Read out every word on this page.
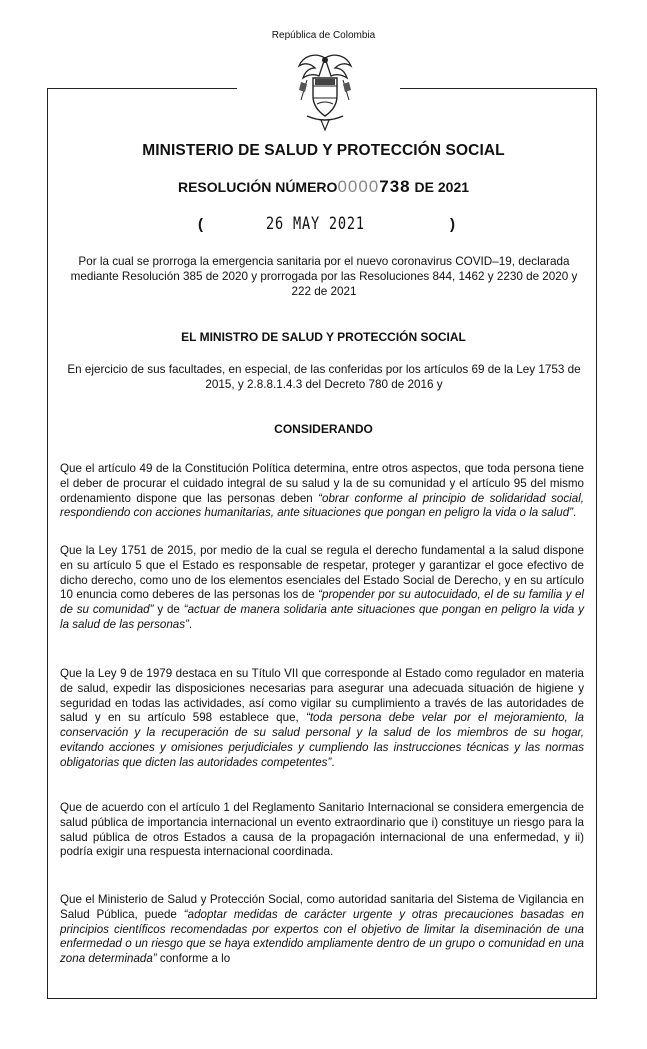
República de Colombia
MINISTERIO DE SALUD Y PROTECCIÓN SOCIAL
RESOLUCIÓN NÚMERO0000738 DE 2021
(	26 MAY 2021	)
Por la cual se prorroga la emergencia sanitaria por el nuevo coronavirus COVID–19, declarada mediante Resolución 385 de 2020 y prorrogada por las Resoluciones 844, 1462 y 2230 de 2020 y 222 de 2021
EL MINISTRO DE SALUD Y PROTECCIÓN SOCIAL
En ejercicio de sus facultades, en especial, de las conferidas por los artículos 69 de la Ley 1753 de 2015, y 2.8.8.1.4.3 del Decreto 780 de 2016 y
CONSIDERANDO

Que el artículo 49 de la Constitución Política determina, entre otros aspectos, que toda persona tiene el deber de procurar el cuidado integral de su salud y la de su comunidad y el artículo 95 del mismo ordenamiento dispone que las personas deben “obrar conforme al principio de solidaridad social, respondiendo con acciones humanitarias, ante situaciones que pongan en peligro la vida o la salud”.

Que la Ley 1751 de 2015, por medio de la cual se regula el derecho fundamental a la salud dispone en su artículo 5 que el Estado es responsable de respetar, proteger y garantizar el goce efectivo de dicho derecho, como uno de los elementos esenciales del Estado Social de Derecho, y en su artículo 10 enuncia como deberes de las personas los de “propender por su autocuidado, el de su familia y el de su comunidad” y de “actuar de manera solidaria ante situaciones que pongan en peligro la vida y la salud de las personas”.

Que la Ley 9 de 1979 destaca en su Título VII que corresponde al Estado como regulador en materia de salud, expedir las disposiciones necesarias para asegurar una adecuada situación de higiene y seguridad en todas las actividades, así como vigilar su cumplimiento a través de las autoridades de salud y en su artículo 598 establece que, “toda persona debe velar por el mejoramiento, la conservación y la recuperación de su salud personal y la salud de los miembros de su hogar, evitando acciones y omisiones perjudiciales y cumpliendo las instrucciones técnicas y las normas obligatorias que dicten las autoridades competentes”.

Que de acuerdo con el artículo 1 del Reglamento Sanitario Internacional se considera emergencia de salud pública de importancia internacional un evento extraordinario que i) constituye un riesgo para la salud pública de otros Estados a causa de la propagación internacional de una enfermedad, y ii) podría exigir una respuesta internacional coordinada.

Que el Ministerio de Salud y Protección Social, como autoridad sanitaria del Sistema de Vigilancia en Salud Pública, puede “adoptar medidas de carácter urgente y otras precauciones basadas en principios científicos recomendadas por expertos con el objetivo de limitar la diseminación de una enfermedad o un riesgo que se haya extendido ampliamente dentro de un grupo o comunidad en una zona determinada” conforme a lo
